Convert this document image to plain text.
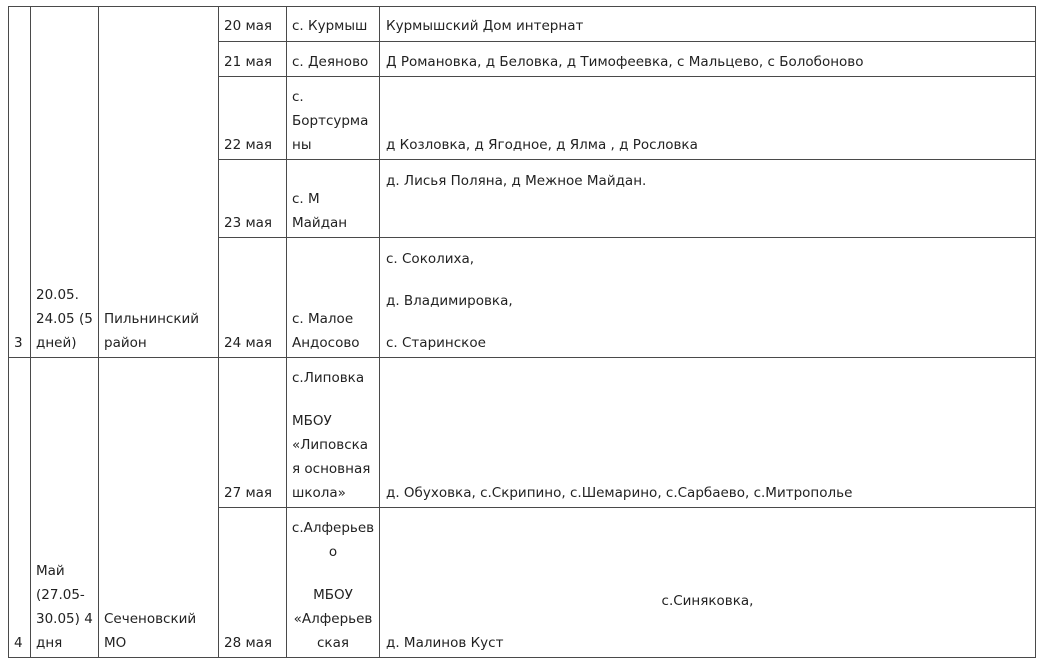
3
20.05.
24.05 (5
дней)
Пильнинский
район
20 мая с. Курмыш Курмышский Дом интернат
21 мая с. Деяново Д Романовка, д Беловка, д Тимофеевка, с Мальцево, с Болобоново
22 мая
с.
Бортсурма
ны	д Козловка, д Ягодное, д Ялма , д Рословка
23 мая
с. М
Майдан
д. Лисья Поляна, д Межное Майдан.
24 мая
с. Малое
Андосово
с. Соколиха,
д. Владимировка,
с. Старинское
4
Май
(27.05-
30.05) 4
дня
Сеченовский
МО
27 мая
с.Липовка
МБОУ
«Липовска
я основная
школа»	д. Обуховка, с.Скрипино, с.Шемарино, с.Сарбаево, с.Митрополье
28 мая
с.Алферьев
о
МБОУ
«Алферьев
ская
с.Синяковка,
д. Малинов Куст
